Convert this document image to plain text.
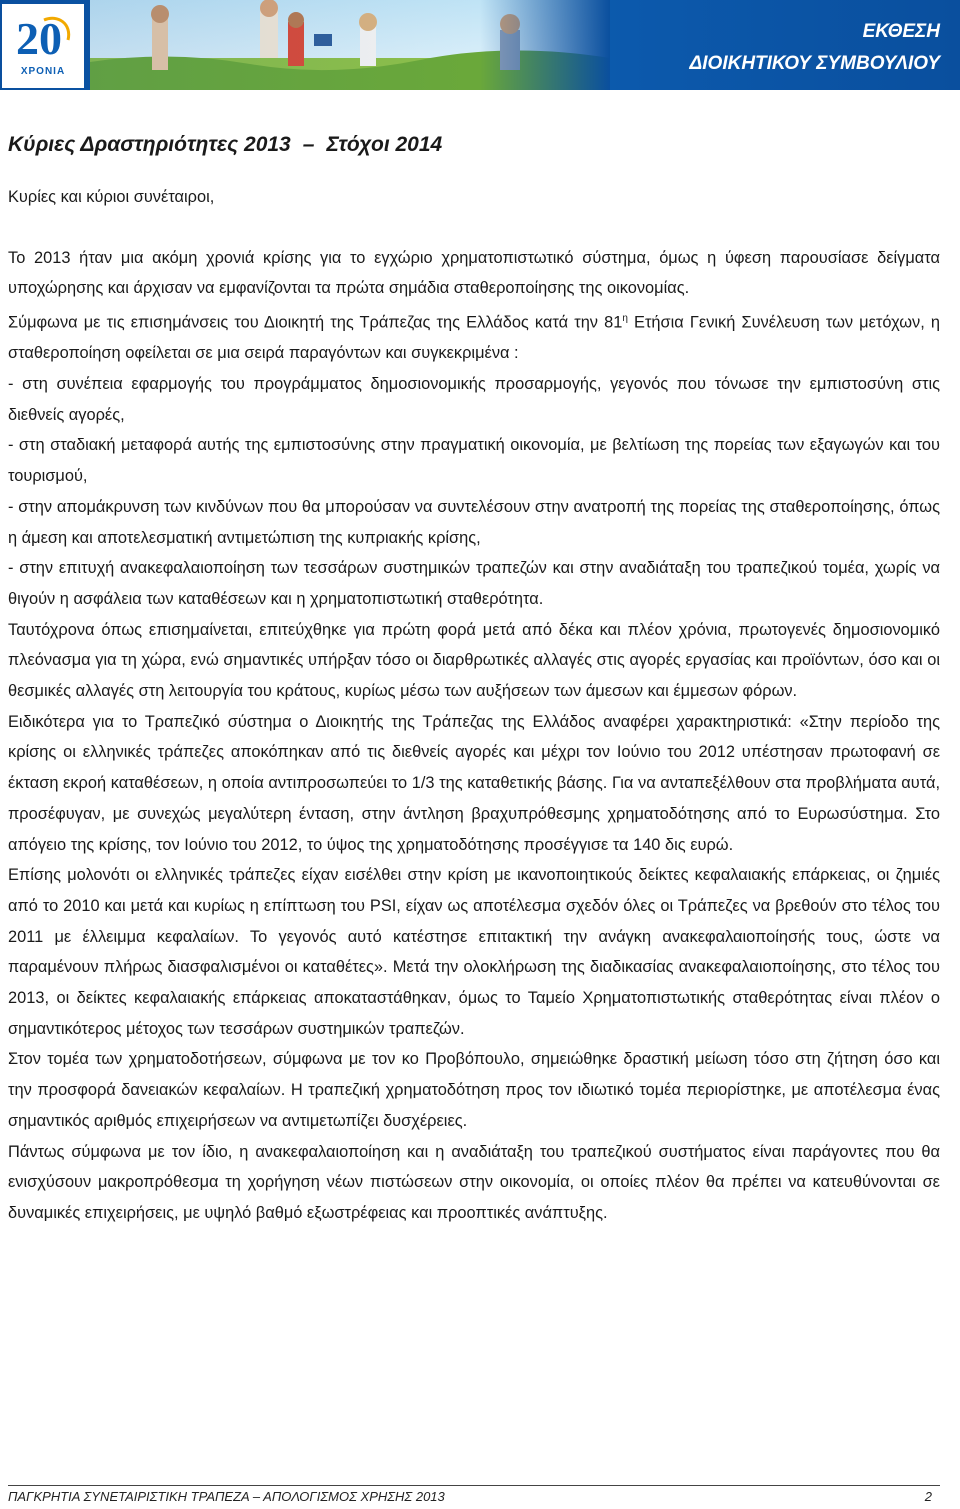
20
ΧΡΟΝΙΑ
ΕΚΘΕΣΗ
ΔΙΟΙΚΗΤΙΚΟΥ ΣΥΜΒΟΥΛΙΟΥ
Κύριες Δραστηριότητες 2013 – Στόχοι 2014

Κυρίες και κύριοι συνέταιροι,

Το 2013 ήταν μια ακόμη χρονιά κρίσης για το εγχώριο χρηματοπιστωτικό σύστημα, όμως η ύφεση παρουσίασε δείγματα υποχώρησης και άρχισαν να εμφανίζονται τα πρώτα σημάδια σταθεροποίησης της οικονομίας.

Σύμφωνα με τις επισημάνσεις του Διοικητή της Τράπεζας της Ελλάδος κατά την $81^\eta$ Ετήσια Γενική Συνέλευση των μετόχων, η σταθεροποίηση οφείλεται σε μια σειρά παραγόντων και συγκεκριμένα :

- στη συνέπεια εφαρμογής του προγράμματος δημοσιονομικής προσαρμογής, γεγονός που τόνωσε την εμπιστοσύνη στις διεθνείς αγορές,

- στη σταδιακή μεταφορά αυτής της εμπιστοσύνης στην πραγματική οικονομία, με βελτίωση της πορείας των εξαγωγών και του τουρισμού,

- στην απομάκρυνση των κινδύνων που θα μπορούσαν να συντελέσουν στην ανατροπή της πορείας της σταθεροποίησης, όπως η άμεση και αποτελεσματική αντιμετώπιση της κυπριακής κρίσης,

- στην επιτυχή ανακεφαλαιοποίηση των τεσσάρων συστημικών τραπεζών και στην αναδιάταξη του τραπεζικού τομέα, χωρίς να θιγούν η ασφάλεια των καταθέσεων και η χρηματοπιστωτική σταθερότητα.

Ταυτόχρονα όπως επισημαίνεται, επιτεύχθηκε για πρώτη φορά μετά από δέκα και πλέον χρόνια, πρωτογενές δημοσιονομικό πλεόνασμα για τη χώρα, ενώ σημαντικές υπήρξαν τόσο οι διαρθρωτικές αλλαγές στις αγορές εργασίας και προϊόντων, όσο και οι θεσμικές αλλαγές στη λειτουργία του κράτους, κυρίως μέσω των αυξήσεων των άμεσων και έμμεσων φόρων.

Ειδικότερα για το Τραπεζικό σύστημα ο Διοικητής της Τράπεζας της Ελλάδος αναφέρει χαρακτηριστικά: «Στην περίοδο της κρίσης οι ελληνικές τράπεζες αποκόπηκαν από τις διεθνείς αγορές και μέχρι τον Ιούνιο του 2012 υπέστησαν πρωτοφανή σε έκταση εκροή καταθέσεων, η οποία αντιπροσωπεύει το 1/3 της καταθετικής βάσης. Για να ανταπεξέλθουν στα προβλήματα αυτά, προσέφυγαν, με συνεχώς μεγαλύτερη ένταση, στην άντληση βραχυπρόθεσμης χρηματοδότησης από το Ευρωσύστημα. Στο απόγειο της κρίσης, τον Ιούνιο του 2012, το ύψος της χρηματοδότησης προσέγγισε τα 140 δις ευρώ.

Επίσης μολονότι οι ελληνικές τράπεζες είχαν εισέλθει στην κρίση με ικανοποιητικούς δείκτες κεφαλαιακής επάρκειας, οι ζημιές από το 2010 και μετά και κυρίως η επίπτωση του PSI, είχαν ως αποτέλεσμα σχεδόν όλες οι Τράπεζες να βρεθούν στο τέλος του 2011 με έλλειμμα κεφαλαίων. Το γεγονός αυτό κατέστησε επιτακτική την ανάγκη ανακεφαλαιοποίησής τους, ώστε να παραμένουν πλήρως διασφαλισμένοι οι καταθέτες». Μετά την ολοκλήρωση της διαδικασίας ανακεφαλαιοποίησης, στο τέλος του 2013, οι δείκτες κεφαλαιακής επάρκειας αποκαταστάθηκαν, όμως το Ταμείο Χρηματοπιστωτικής σταθερότητας είναι πλέον ο σημαντικότερος μέτοχος των τεσσάρων συστημικών τραπεζών.

Στον τομέα των χρηματοδοτήσεων, σύμφωνα με τον κο Προβόπουλο, σημειώθηκε δραστική μείωση τόσο στη ζήτηση όσο και την προσφορά δανειακών κεφαλαίων. Η τραπεζική χρηματοδότηση προς τον ιδιωτικό τομέα περιορίστηκε, με αποτέλεσμα ένας σημαντικός αριθμός επιχειρήσεων να αντιμετωπίζει δυσχέρειες.

Πάντως σύμφωνα με τον ίδιο, η ανακεφαλαιοποίηση και η αναδιάταξη του τραπεζικού συστήματος είναι παράγοντες που θα ενισχύσουν μακροπρόθεσμα τη χορήγηση νέων πιστώσεων στην οικονομία, οι οποίες πλέον θα πρέπει να κατευθύνονται σε δυναμικές επιχειρήσεις, με υψηλό βαθμό εξωστρέφειας και προοπτικές ανάπτυξης.

ΠΑΓΚΡΗΤΙΑ ΣΥΝΕΤΑΙΡΙΣΤΙΚΗ ΤΡΑΠΕΖΑ – ΑΠΟΛΟΓΙΣΜΟΣ ΧΡΗΣΗΣ 2013	2
